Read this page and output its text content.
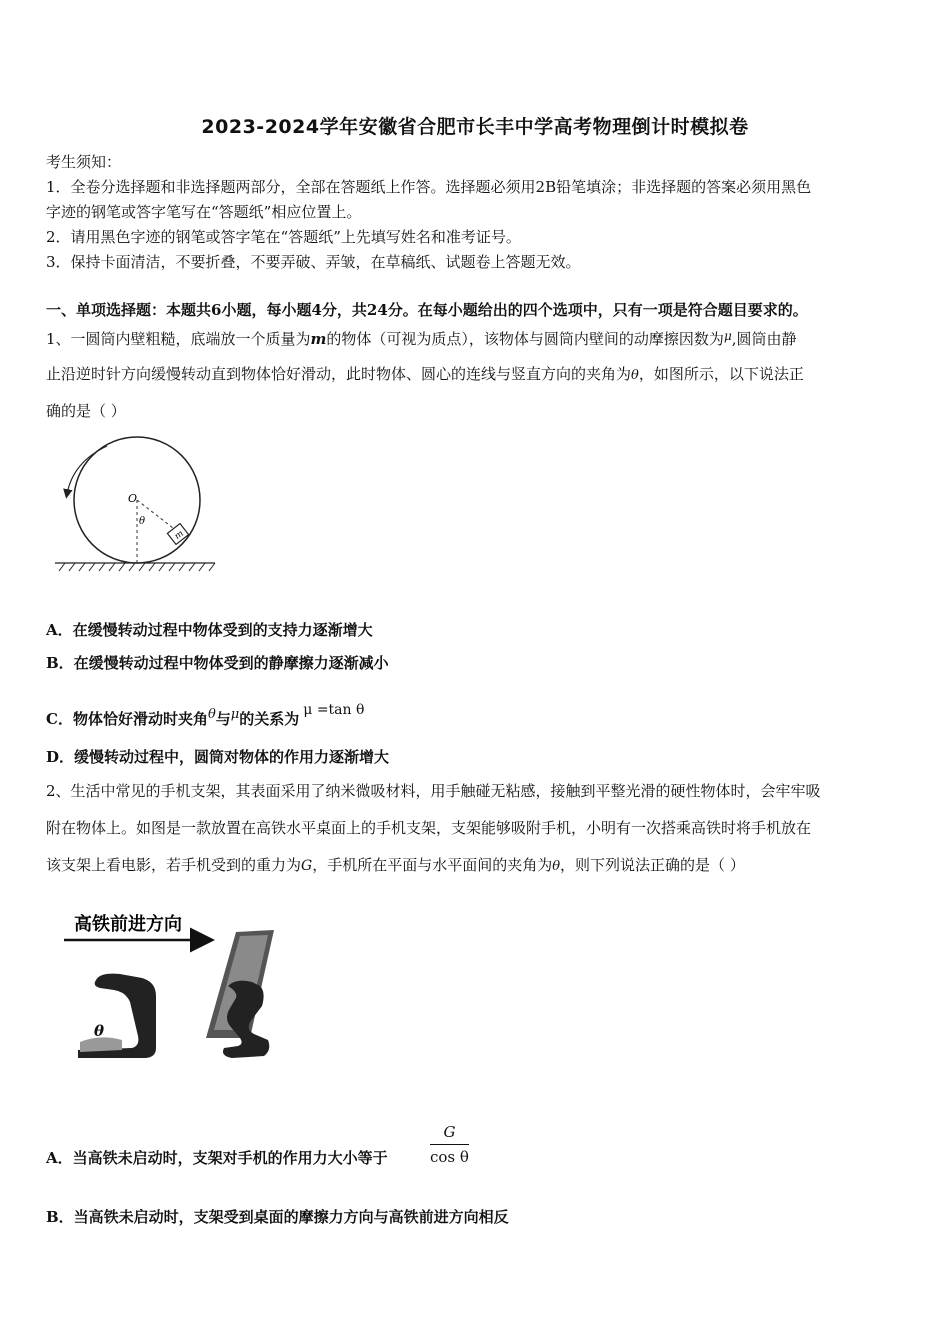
2023-2024学年安徽省合肥市长丰中学高考物理倒计时模拟卷
考生须知：
1．全卷分选择题和非选择题两部分，全部在答题纸上作答。选择题必须用2B铅笔填涂；非选择题的答案必须用黑色
字迹的钢笔或答字笔写在“答题纸”相应位置上。
2．请用黑色字迹的钢笔或答字笔在“答题纸”上先填写姓名和准考证号。
3．保持卡面清洁，不要折叠，不要弄破、弄皱，在草稿纸、试题卷上答题无效。
一、单项选择题：本题共6小题，每小题4分，共24分。在每小题给出的四个选项中，只有一项是符合题目要求的。
1、一圆筒内壁粗糙，底端放一个质量为m的物体（可视为质点），该物体与圆筒内壁间的动摩擦因数为$^\mu$,圆筒由静
止沿逆时针方向缓慢转动直到物体恰好滑动，此时物体、圆心的连线与竖直方向的夹角为θ，如图所示，以下说法正
确的是（ ）
O
θ
m
A．在缓慢转动过程中物体受到的支持力逐渐增大
B．在缓慢转动过程中物体受到的静摩擦力逐渐减小
C．物体恰好滑动时夹角θ与μ的关系为 μ =tan θ
D．缓慢转动过程中，圆筒对物体的作用力逐渐增大
2、生活中常见的手机支架，其表面采用了纳米微吸材料，用手触碰无粘感，接触到平整光滑的硬性物体时，会牢牢吸
附在物体上。如图是一款放置在高铁水平桌面上的手机支架，支架能够吸附手机，小明有一次搭乘高铁时将手机放在
该支架上看电影，若手机受到的重力为G，手机所在平面与水平面间的夹角为θ，则下列说法正确的是（ ）
高铁前进方向
θ
A．当高铁未启动时，支架对手机的作用力大小等于	$\frac{G}{\text{cos θ}}$
B．当高铁未启动时，支架受到桌面的摩擦力方向与高铁前进方向相反
